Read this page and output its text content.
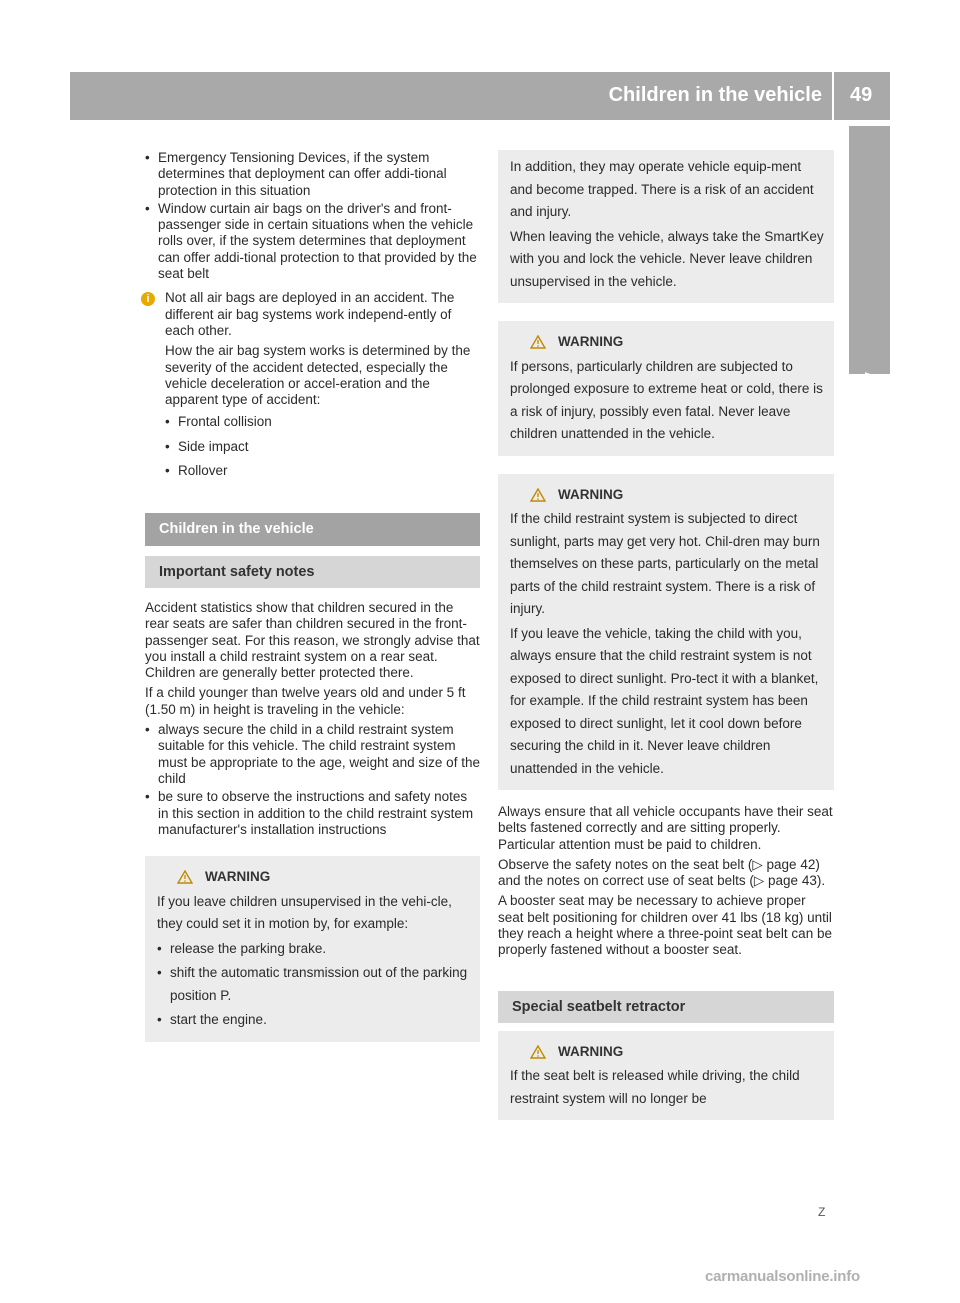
Children in the vehicle 49
Safety

• Emergency Tensioning Devices, if the system determines that deployment can offer addi-tional protection in this situation

• Window curtain air bags on the driver's and front-passenger side in certain situations when the vehicle rolls over, if the system determines that deployment can offer addi-tional protection to that provided by the seat belt

i	Not all air bags are deployed in an accident. The different air bag systems work independ-ently of each other.

How the air bag system works is determined by the severity of the accident detected, especially the vehicle deceleration or accel-eration and the apparent type of accident:

• Frontal collision

• Side impact

• Rollover

Children in the vehicle
Important safety notes

Accident statistics show that children secured in the rear seats are safer than children secured in the front-passenger seat. For this reason, we strongly advise that you install a child restraint system on a rear seat. Children are generally better protected there.

If a child younger than twelve years old and under 5 ft (1.50 m) in height is traveling in the vehicle:

• always secure the child in a child restraint system suitable for this vehicle. The child restraint system must be appropriate to the age, weight and size of the child

• be sure to observe the instructions and safety notes in this section in addition to the child restraint system manufacturer's installation instructions

WARNING

If you leave children unsupervised in the vehi-cle, they could set it in motion by, for example:

• release the parking brake.

• shift the automatic transmission out of the parking position P.

• start the engine.

In addition, they may operate vehicle equip-ment and become trapped. There is a risk of an accident and injury.

When leaving the vehicle, always take the SmartKey with you and lock the vehicle. Never leave children unsupervised in the vehicle.

WARNING

If persons, particularly children are subjected to prolonged exposure to extreme heat or cold, there is a risk of injury, possibly even fatal. Never leave children unattended in the vehicle.

WARNING

If the child restraint system is subjected to direct sunlight, parts may get very hot. Chil-dren may burn themselves on these parts, particularly on the metal parts of the child restraint system. There is a risk of injury.

If you leave the vehicle, taking the child with you, always ensure that the child restraint system is not exposed to direct sunlight. Pro-tect it with a blanket, for example. If the child restraint system has been exposed to direct sunlight, let it cool down before securing the child in it. Never leave children unattended in the vehicle.

Always ensure that all vehicle occupants have their seat belts fastened correctly and are sitting properly. Particular attention must be paid to children.

Observe the safety notes on the seat belt (▷ page 42) and the notes on correct use of seat belts (▷ page 43).

A booster seat may be necessary to achieve proper seat belt positioning for children over 41 lbs (18 kg) until they reach a height where a three-point seat belt can be properly fastened without a booster seat.

Special seatbelt retractor
WARNING

If the seat belt is released while driving, the child restraint system will no longer be

Z
carmanualsonline.info
